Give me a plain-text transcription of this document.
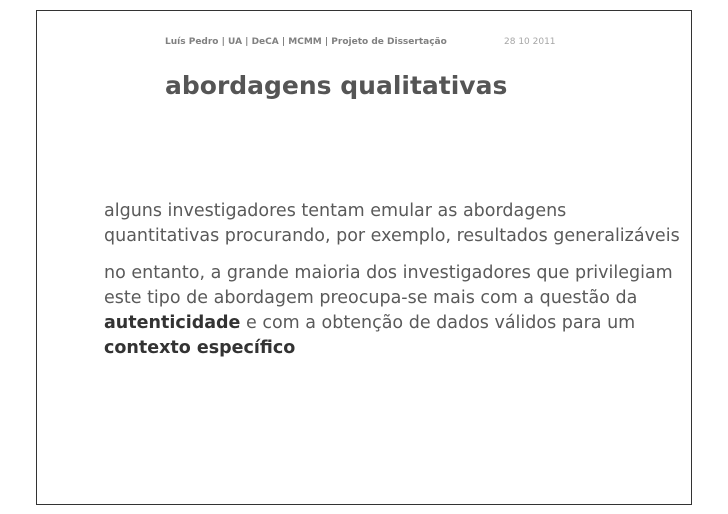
Luís Pedro | UA | DeCA | MCMM | Projeto de Dissertação	28 10 2011
abordagens qualitativas

alguns investigadores tentam emular as abordagens quantitativas procurando, por exemplo, resultados generalizáveis

no entanto, a grande maioria dos investigadores que privilegiam este tipo de abordagem preocupa-se mais com a questão da autenticidade e com a obtenção de dados válidos para um contexto específico
